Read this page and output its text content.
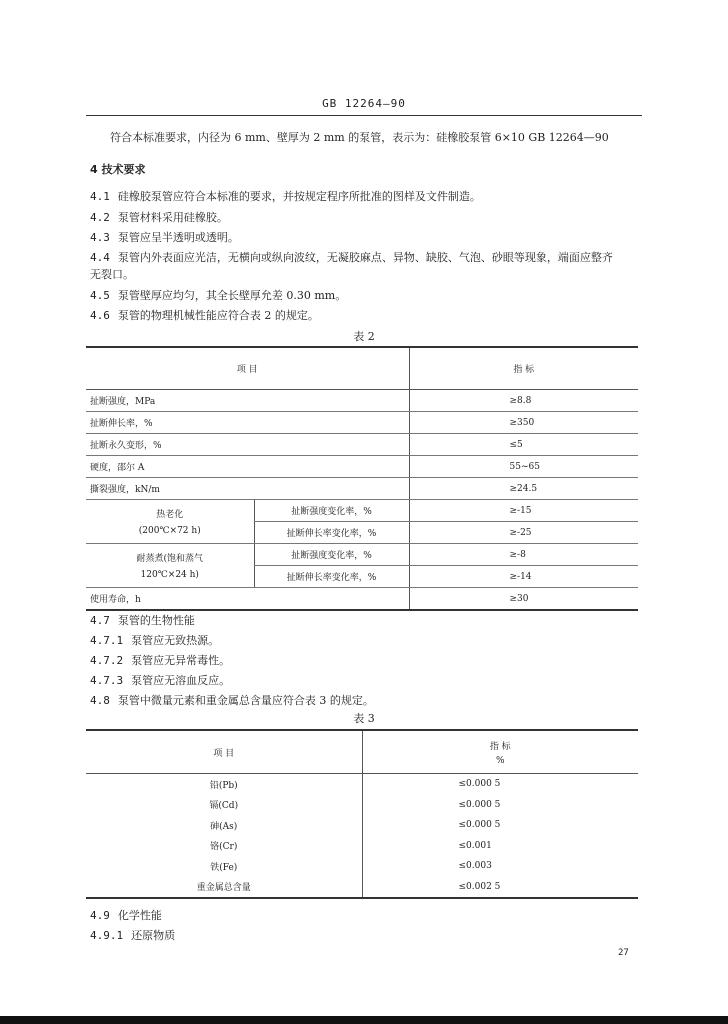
GB 12264—90
符合本标准要求，内径为 6 mm、壁厚为 2 mm 的泵管，表示为：硅橡胶泵管 6×10 GB 12264—90
4 技术要求
4.1 硅橡胶泵管应符合本标准的要求，并按规定程序所批准的图样及文件制造。
4.2 泵管材料采用硅橡胶。
4.3 泵管应呈半透明或透明。
4.4 泵管内外表面应光洁，无横向或纵向波纹，无凝胶麻点、异物、缺胶、气泡、砂眼等现象，端面应整齐
无裂口。
4.5 泵管壁厚应均匀，其全长壁厚允差 0.30 mm。
4.6 泵管的物理机械性能应符合表 2 的规定。
表 2
项 目		指 标
扯断强度，MPa		≥8.8
扯断伸长率，%		≥350
扯断永久变形，%		≤5
硬度，邵尔 A		55~65
撕裂强度，kN/m		≥24.5

热老化
(200℃×72 h)	扯断强度变化率，%	≥-15
	扯断伸长率变化率，%	≥-25

耐蒸煮(饱和蒸气
120℃×24 h)	扯断强度变化率，%	≥-8
	扯断伸长率变化率，%	≥-14
使用寿命，h		≥30
4.7 泵管的生物性能
4.7.1 泵管应无致热源。
4.7.2 泵管应无异常毒性。
4.7.3 泵管应无溶血反应。
4.8 泵管中微量元素和重金属总含量应符合表 3 的规定。
表 3
项 目	指 标
%

铅(Pb)	≤0.000 5
镉(Cd)	≤0.000 5
砷(As)	≤0.000 5
铬(Cr)	≤0.001
铁(Fe)	≤0.003
重金属总含量	≤0.002 5
4.9 化学性能
4.9.1 还原物质
27
